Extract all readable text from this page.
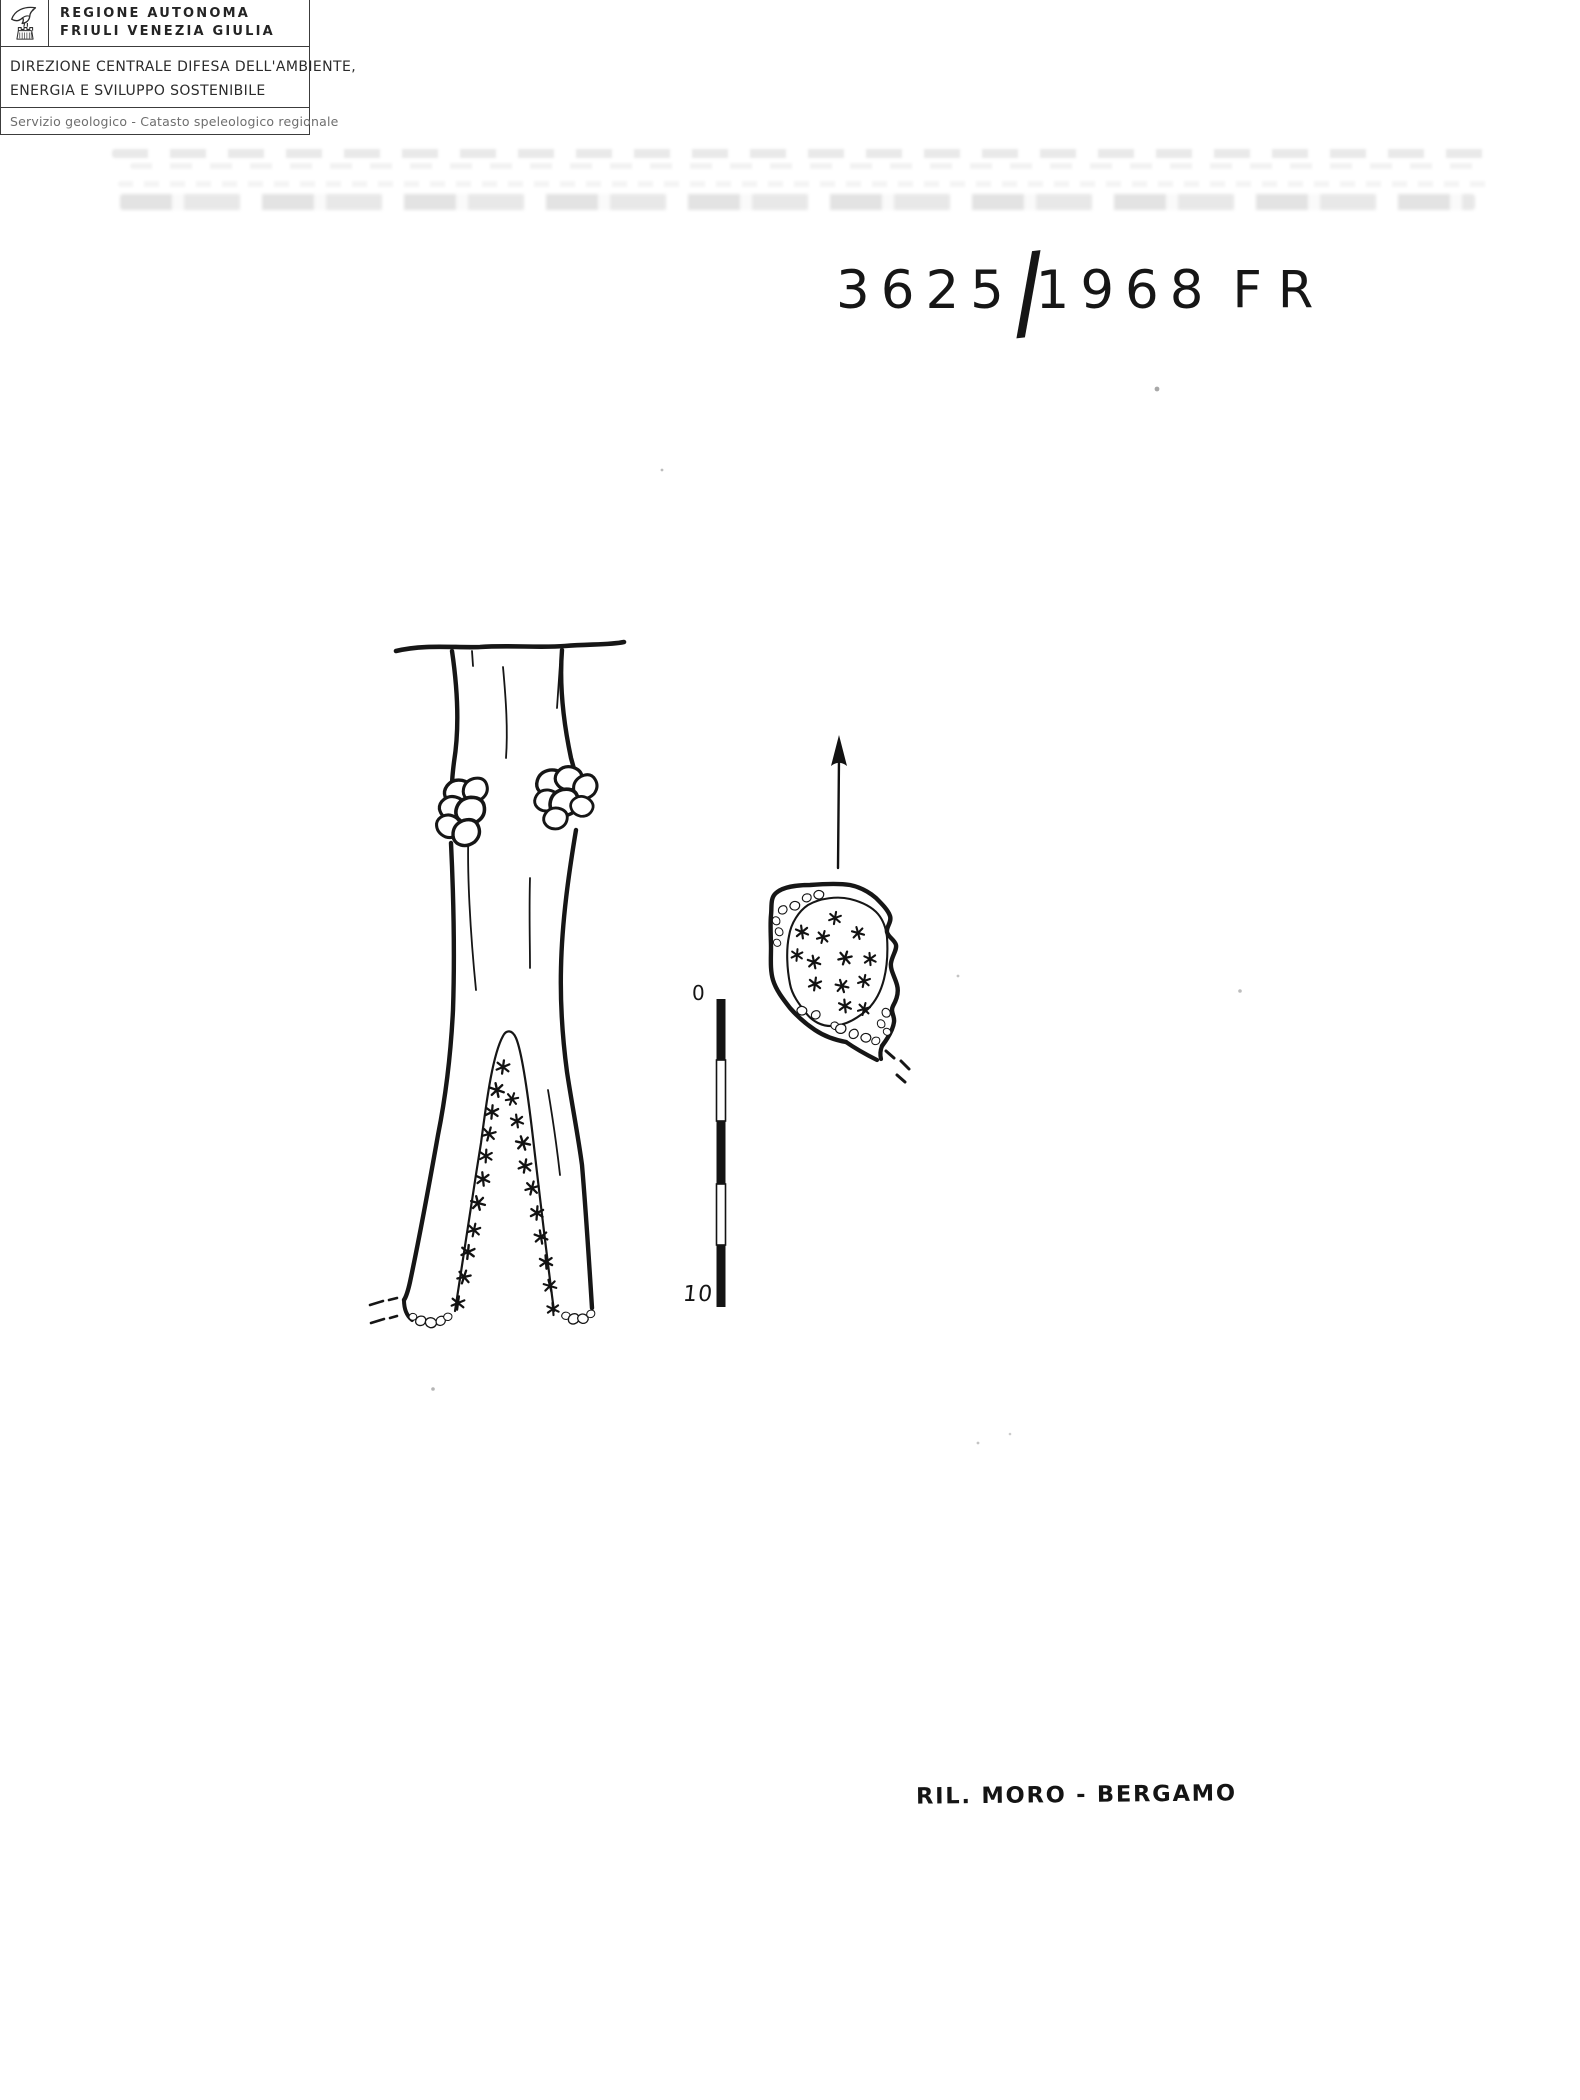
REGIONE AUTONOMA
FRIULI VENEZIA GIULIA
Direzione centrale difesa dell'ambiente,
energia e sviluppo sostenibile
Servizio geologico - Catasto speleologico regionale
3625
/
1968 FR
0
10
RIL. MORO - BERGAMO
